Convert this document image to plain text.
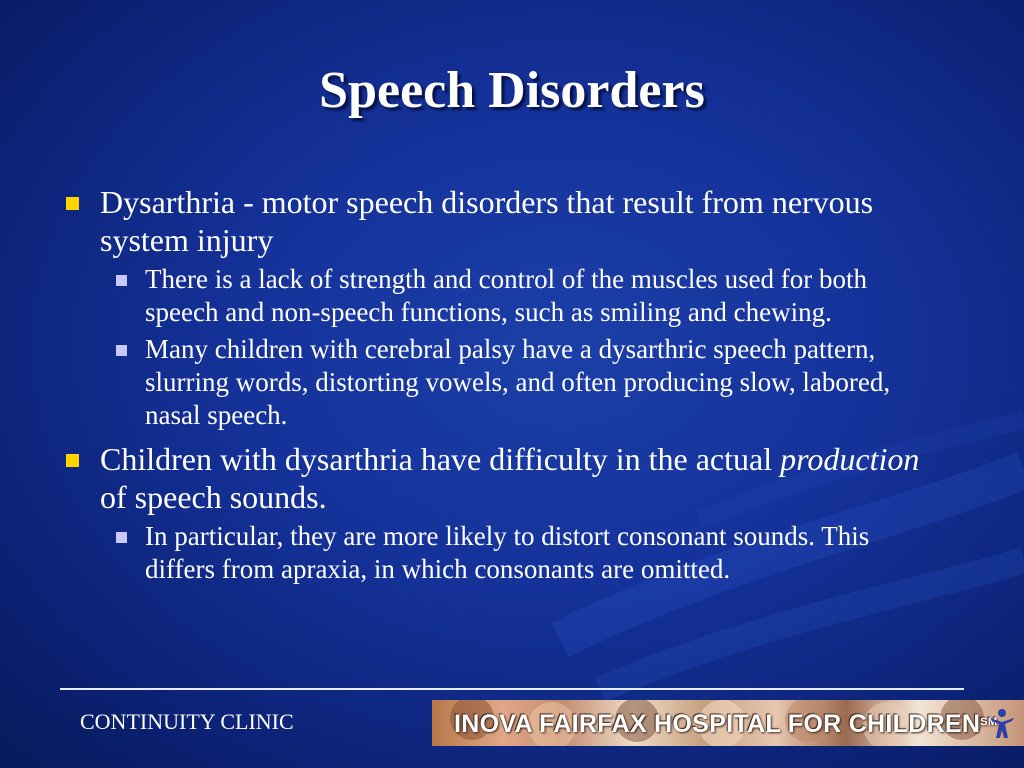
Speech Disorders
Dysarthria - motor speech disorders that result from nervous system injury
There is a lack of strength and control of the muscles used for both speech and non-speech functions, such as smiling and chewing.
Many children with cerebral palsy have a dysarthric speech pattern, slurring words, distorting vowels, and often producing slow, labored, nasal speech.
Children with dysarthria have difficulty in the actual production of speech sounds.
In particular, they are more likely to distort consonant sounds. This differs from apraxia, in which consonants are omitted.
CONTINUITY CLINIC	INOVA FAIRFAX HOSPITAL FOR CHILDREN℠
